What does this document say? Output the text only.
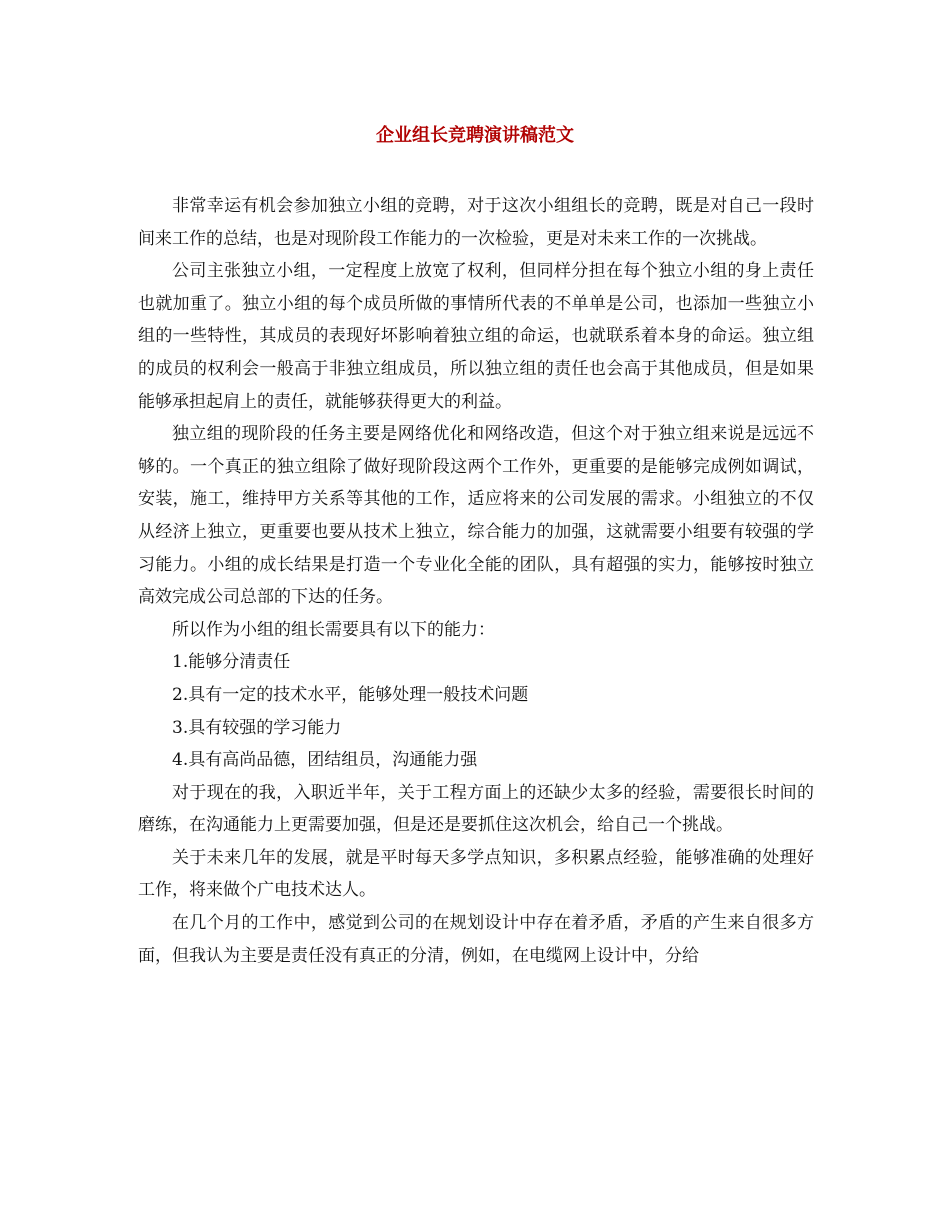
企业组长竞聘演讲稿范文

非常幸运有机会参加独立小组的竞聘，对于这次小组组长的竞聘，既是对自己一段时间来工作的总结，也是对现阶段工作能力的一次检验，更是对未来工作的一次挑战。

公司主张独立小组，一定程度上放宽了权利，但同样分担在每个独立小组的身上责任也就加重了。独立小组的每个成员所做的事情所代表的不单单是公司，也添加一些独立小组的一些特性，其成员的表现好坏影响着独立组的命运，也就联系着本身的命运。独立组的成员的权利会一般高于非独立组成员，所以独立组的责任也会高于其他成员，但是如果能够承担起肩上的责任，就能够获得更大的利益。

独立组的现阶段的任务主要是网络优化和网络改造，但这个对于独立组来说是远远不够的。一个真正的独立组除了做好现阶段这两个工作外，更重要的是能够完成例如调试，安装，施工，维持甲方关系等其他的工作，适应将来的公司发展的需求。小组独立的不仅从经济上独立，更重要也要从技术上独立，综合能力的加强，这就需要小组要有较强的学习能力。小组的成长结果是打造一个专业化全能的团队，具有超强的实力，能够按时独立高效完成公司总部的下达的任务。

所以作为小组的组长需要具有以下的能力：

1.能够分清责任

2.具有一定的技术水平，能够处理一般技术问题

3.具有较强的学习能力

4.具有高尚品德，团结组员，沟通能力强

对于现在的我，入职近半年，关于工程方面上的还缺少太多的经验，需要很长时间的磨练，在沟通能力上更需要加强，但是还是要抓住这次机会，给自己一个挑战。

关于未来几年的发展，就是平时每天多学点知识，多积累点经验，能够准确的处理好工作，将来做个广电技术达人。

在几个月的工作中，感觉到公司的在规划设计中存在着矛盾，矛盾的产生来自很多方面，但我认为主要是责任没有真正的分清，例如，在电缆网上设计中，分给
